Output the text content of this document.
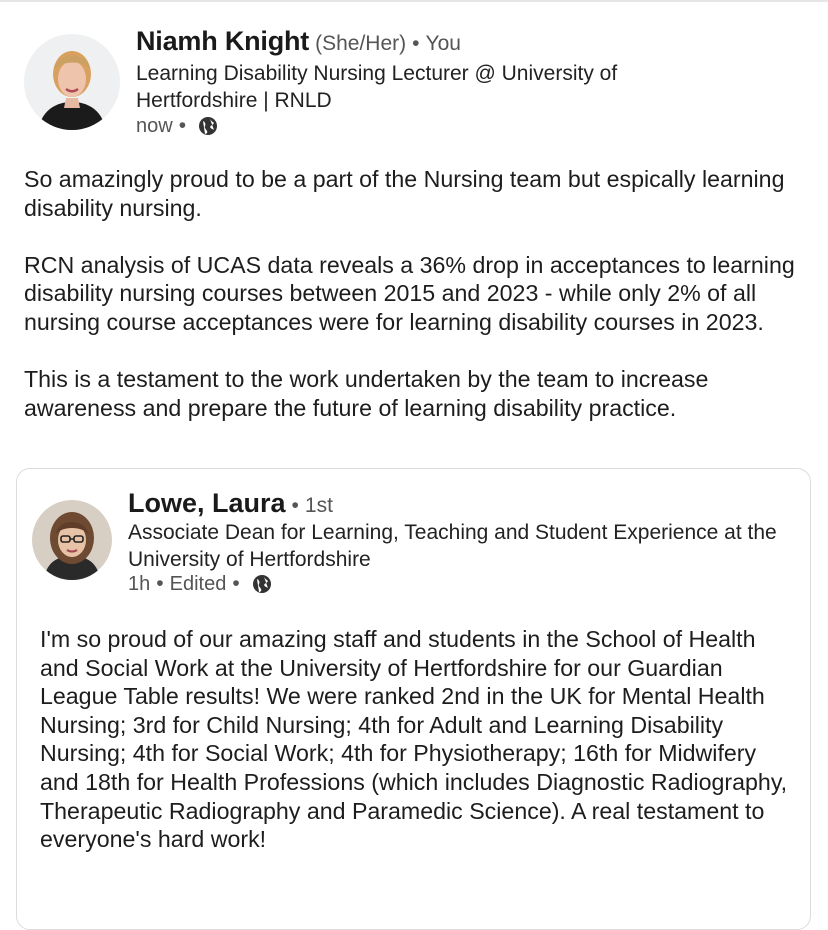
Niamh Knight (She/Her) • You
Learning Disability Nursing Lecturer @ University of Hertfordshire | RNLD
now •

So amazingly proud to be a part of the Nursing team but espically learning disability nursing.

RCN analysis of UCAS data reveals a 36% drop in acceptances to learning disability nursing courses between 2015 and 2023 - while only 2% of all nursing course acceptances were for learning disability courses in 2023.

This is a testament to the work undertaken by the team to increase awareness and prepare the future of learning disability practice.

Lowe, Laura • 1st
Associate Dean for Learning, Teaching and Student Experience at the University of Hertfordshire
1h • Edited •
I'm so proud of our amazing staff and students in the School of Health and Social Work at the University of Hertfordshire for our Guardian League Table results! We were ranked 2nd in the UK for Mental Health Nursing; 3rd for Child Nursing; 4th for Adult and Learning Disability Nursing; 4th for Social Work; 4th for Physiotherapy; 16th for Midwifery and 18th for Health Professions (which includes Diagnostic Radiography, Therapeutic Radiography and Paramedic Science). A real testament to everyone's hard work!
